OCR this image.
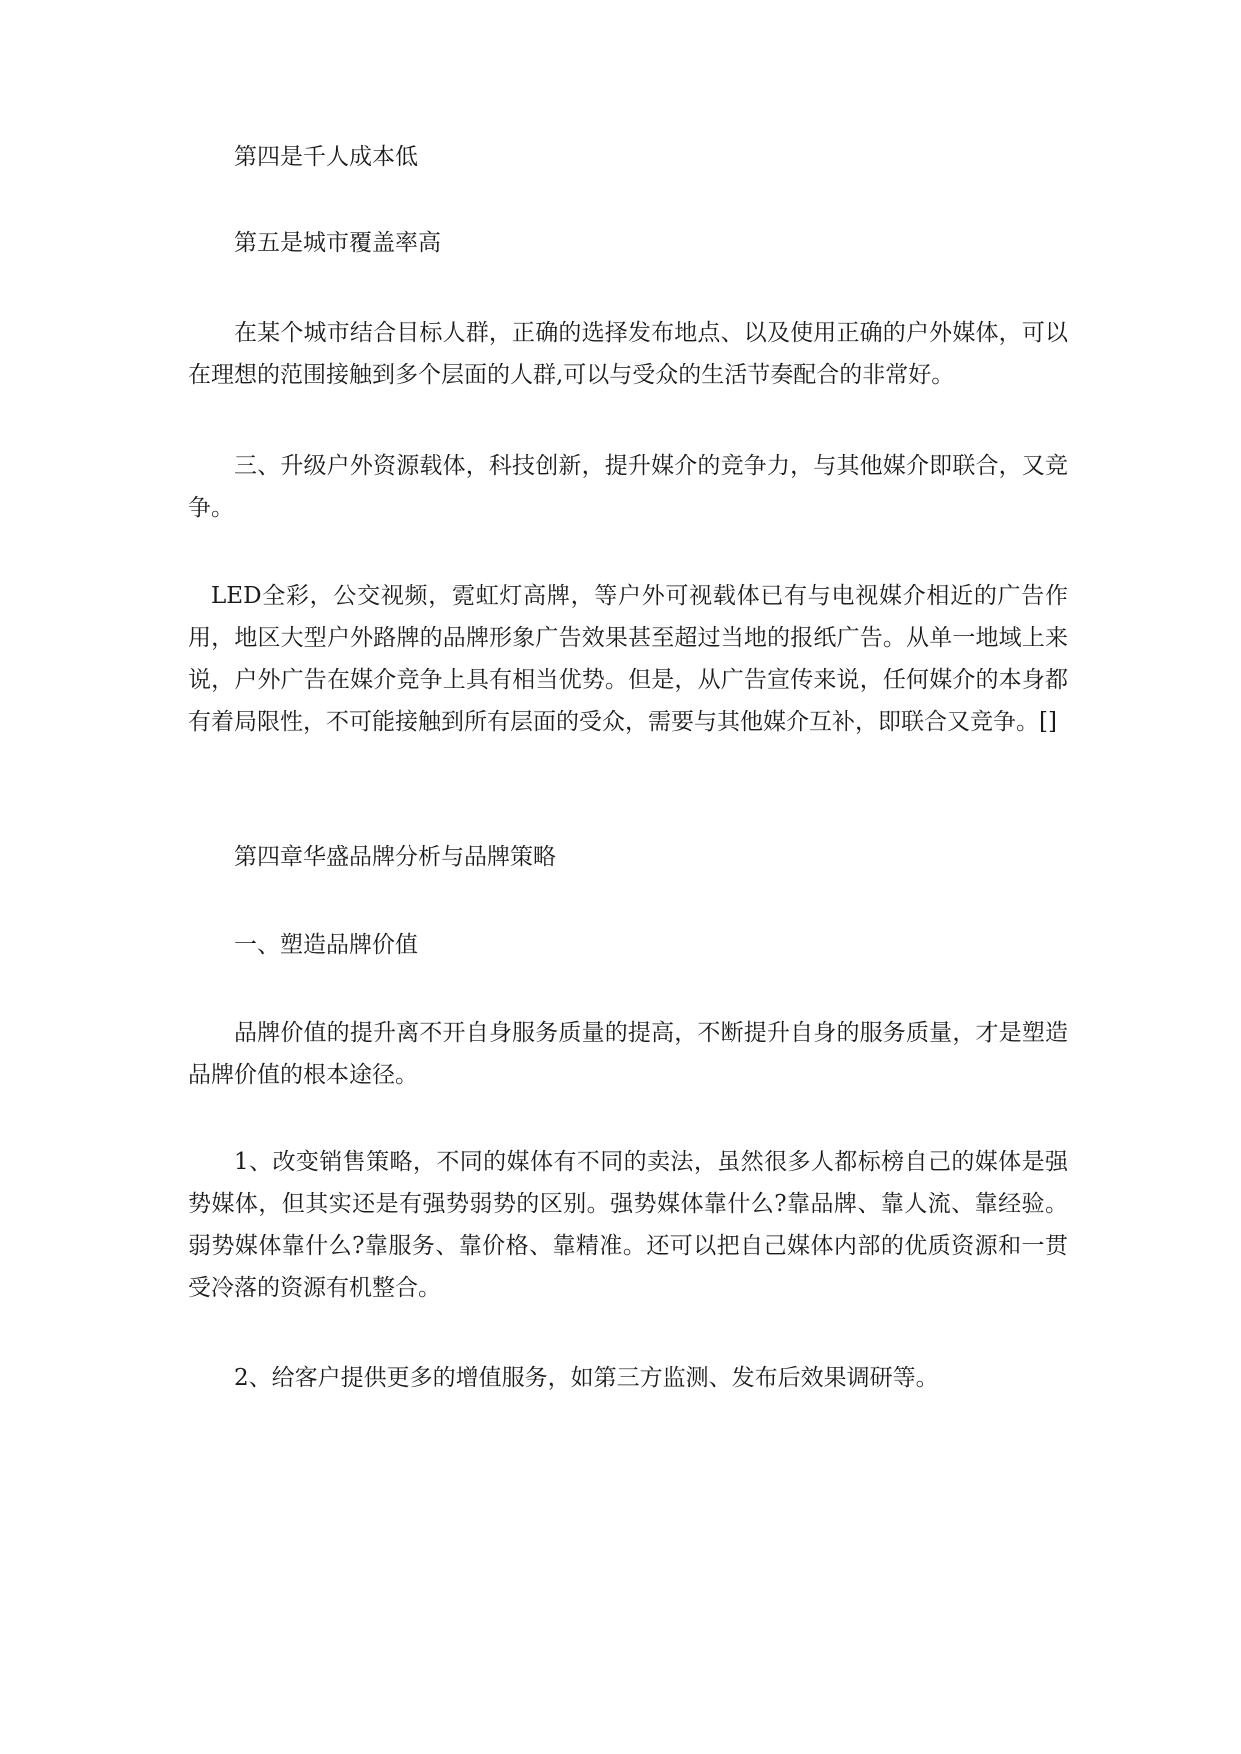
第四是千人成本低

第五是城市覆盖率高

在某个城市结合目标人群，正确的选择发布地点、以及使用正确的户外媒体，可以在理想的范围接触到多个层面的人群,可以与受众的生活节奏配合的非常好。

三、升级户外资源载体，科技创新，提升媒介的竞争力，与其他媒介即联合，又竞争。

LED全彩，公交视频，霓虹灯高牌，等户外可视载体已有与电视媒介相近的广告作用，地区大型户外路牌的品牌形象广告效果甚至超过当地的报纸广告。从单一地域上来说，户外广告在媒介竞争上具有相当优势。但是，从广告宣传来说，任何媒介的本身都有着局限性，不可能接触到所有层面的受众，需要与其他媒介互补，即联合又竞争。[]

第四章华盛品牌分析与品牌策略

一、塑造品牌价值

品牌价值的提升离不开自身服务质量的提高，不断提升自身的服务质量，才是塑造品牌价值的根本途径。

1、改变销售策略，不同的媒体有不同的卖法，虽然很多人都标榜自己的媒体是强势媒体，但其实还是有强势弱势的区别。强势媒体靠什么?靠品牌、靠人流、靠经验。弱势媒体靠什么?靠服务、靠价格、靠精准。还可以把自己媒体内部的优质资源和一贯受冷落的资源有机整合。

2、给客户提供更多的增值服务，如第三方监测、发布后效果调研等。
